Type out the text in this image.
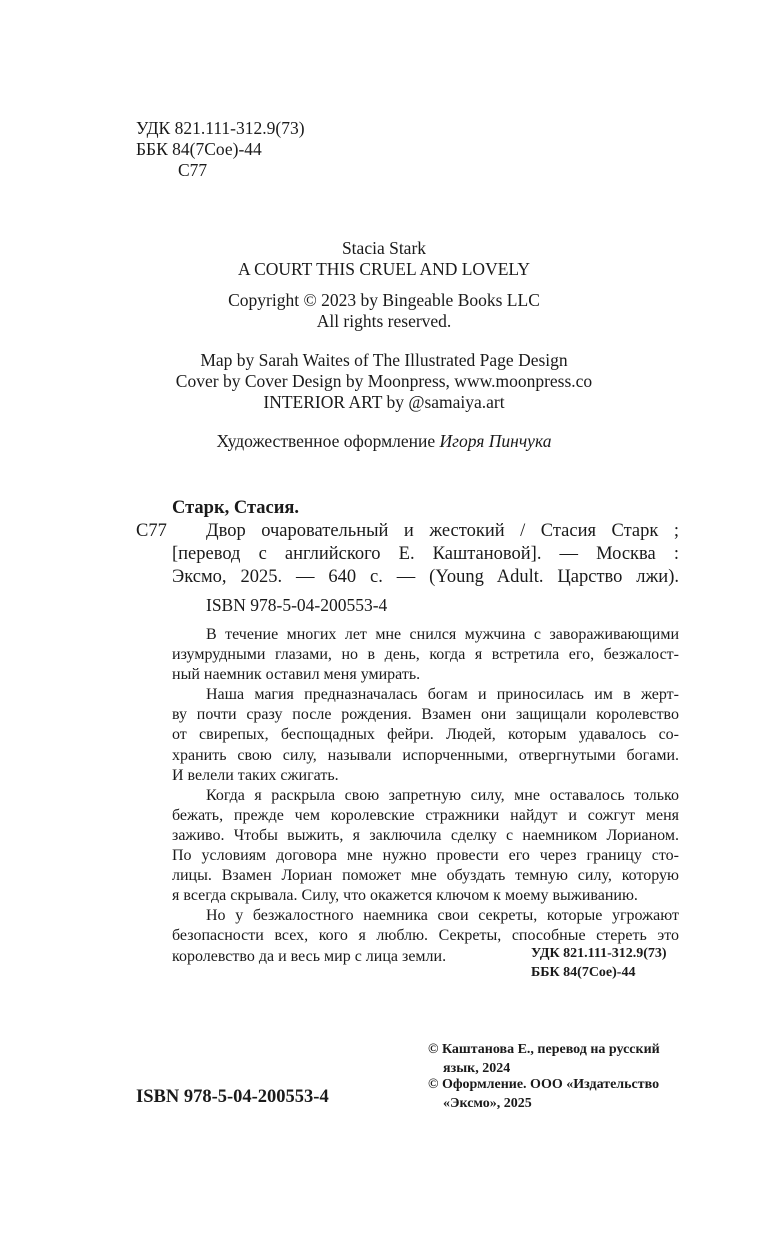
УДК 821.111-312.9(73)
ББК 84(7Сое)-44
С77
Stacia Stark
A COURT THIS CRUEL AND LOVELY
Copyright © 2023 by Bingeable Books LLC
All rights reserved.
Map by Sarah Waites of The Illustrated Page Design
Cover by Cover Design by Moonpress, www.moonpress.co
INTERIOR ART by @samaiya.art
Художественное оформление Игоря Пинчука
Старк, Стасия.
С77	Двор очаровательный и жестокий / Стасия Старк ;
[перевод с английского Е. Каштановой]. — Москва :
Эксмо, 2025. — 640 с. — (Young Adult. Царство лжи).
ISBN 978-5-04-200553-4

В течение многих лет мне снился мужчина с завораживающими
изумрудными глазами, но в день, когда я встретила его, безжалост-
ный наемник оставил меня умирать.

Наша магия предназначалась богам и приносилась им в жерт-
ву почти сразу после рождения. Взамен они защищали королевство
от свирепых, беспощадных фейри. Людей, которым удавалось со-
хранить свою силу, называли испорченными, отвергнутыми богами.
И велели таких сжигать.

Когда я раскрыла свою запретную силу, мне оставалось только
бежать, прежде чем королевские стражники найдут и сожгут меня
заживо. Чтобы выжить, я заключила сделку с наемником Лорианом.
По условиям договора мне нужно провести его через границу сто-
лицы. Взамен Лориан поможет мне обуздать темную силу, которую
я всегда скрывала. Силу, что окажется ключом к моему выживанию.

Но у безжалостного наемника свои секреты, которые угрожают
безопасности всех, кого я люблю. Секреты, способные стереть это
королевство да и весь мир с лица земли.	УДК 821.111-312.9(73)
ББК 84(7Сое)-44
© Каштанова Е., перевод на русский
язык, 2024
© Оформление. ООО «Издательство
«Эксмо», 2025
ISBN 978-5-04-200553-4
